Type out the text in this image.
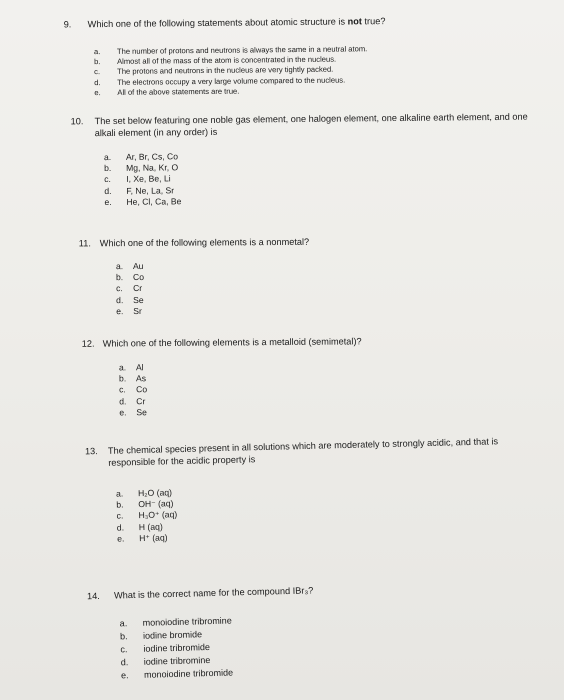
9. Which one of the following statements about atomic structure is not true?
a. The number of protons and neutrons is always the same in a neutral atom.
b. Almost all of the mass of the atom is concentrated in the nucleus.
c. The protons and neutrons in the nucleus are very tightly packed.
d. The electrons occupy a very large volume compared to the nucleus.
e. All of the above statements are true.
10. The set below featuring one noble gas element, one halogen element, one alkaline earth element, and one alkali element (in any order) is
a. Ar, Br, Cs, Co
b. Mg, Na, Kr, O
c. I, Xe, Be, Li
d. F, Ne, La, Sr
e. He, Cl, Ca, Be
11. Which one of the following elements is a nonmetal?
a. Au
b. Co
c. Cr
d. Se
e. Sr
12. Which one of the following elements is a metalloid (semimetal)?
a. Al
b. As
c. Co
d. Cr
e. Se
13. The chemical species present in all solutions which are moderately to strongly acidic, and that is responsible for the acidic property is
a. H₂O (aq)
b. OH⁻ (aq)
c. H₃O⁺ (aq)
d. H (aq)
e. H⁺ (aq)
14. What is the correct name for the compound IBr₃?
a. monoiodine tribromine
b. iodine bromide
c. iodine tribromide
d. iodine tribromine
e. monoiodine tribromide
